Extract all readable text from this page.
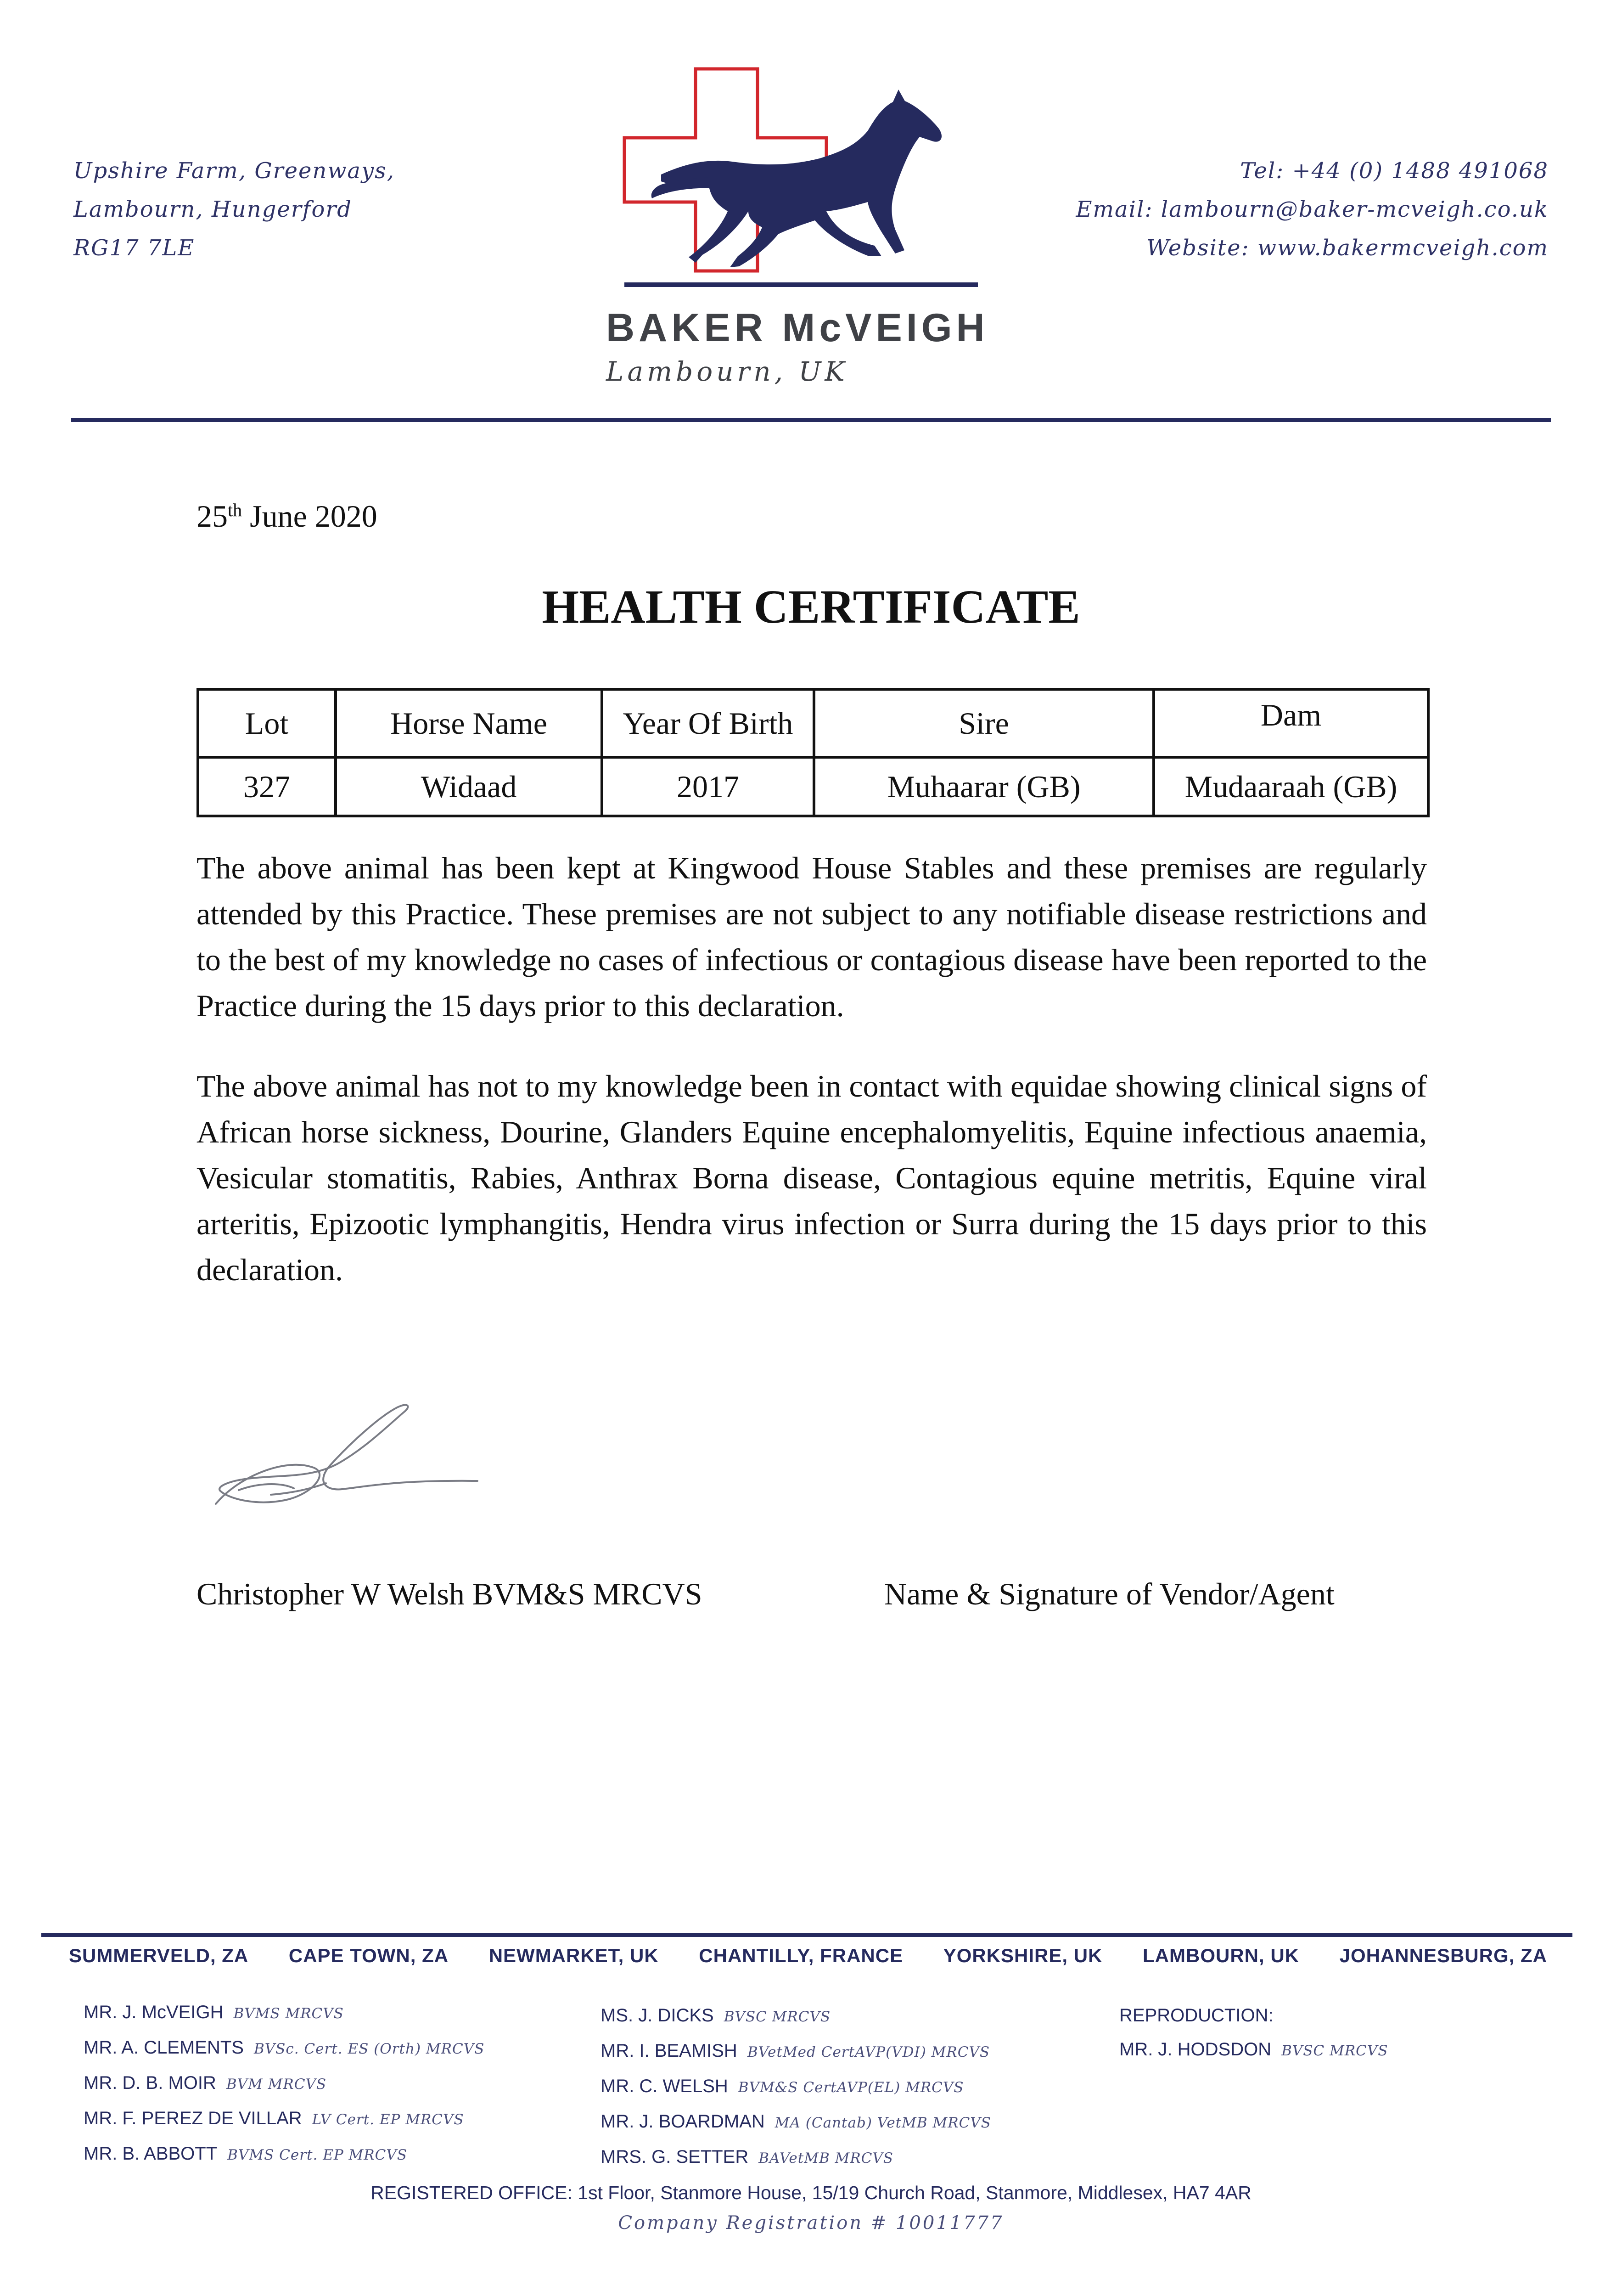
Upshire Farm, Greenways,
Lambourn, Hungerford
RG17 7LE
Tel: +44 (0) 1488 491068
Email: lambourn@baker-mcveigh.co.uk
Website: www.bakermcveigh.com
BAKER McVEIGH
Lambourn, UK
25th June 2020
HEALTH CERTIFICATE
Lot	Horse Name	Year Of Birth	Sire	Dam
327	Widaad	2017	Muhaarar (GB)	Mudaaraah (GB)
The above animal has been kept at Kingwood House Stables and these premises are regularly attended by this Practice. These premises are not subject to any notifiable disease restrictions and to the best of my knowledge no cases of infectious or contagious disease have been reported to the Practice during the 15 days prior to this declaration.
The above animal has not to my knowledge been in contact with equidae showing clinical signs of African horse sickness, Dourine, Glanders Equine encephalomyelitis, Equine infectious anaemia, Vesicular stomatitis, Rabies, Anthrax Borna disease, Contagious equine metritis, Equine viral arteritis, Epizootic lymphangitis, Hendra virus infection or Surra during the 15 days prior to this declaration.
Christopher W Welsh BVM&S MRCVS	Name & Signature of Vendor/Agent
SUMMERVELD, ZA CAPE TOWN, ZA NEWMARKET, UK CHANTILLY, FRANCE YORKSHIRE, UK LAMBOURN, UK JOHANNESBURG, ZA
MR. J. McVEIGH BVMS MRCVS
MR. A. CLEMENTS BVSc. Cert. ES (Orth) MRCVS
MR. D. B. MOIR BVM MRCVS
MR. F. PEREZ DE VILLAR LV Cert. EP MRCVS
MR. B. ABBOTT BVMS Cert. EP MRCVS
MS. J. DICKS BVSC MRCVS
MR. I. BEAMISH BVetMed CertAVP(VDI) MRCVS
MR. C. WELSH BVM&S CertAVP(EL) MRCVS
MR. J. BOARDMAN MA (Cantab) VetMB MRCVS
MRS. G. SETTER BAVetMB MRCVS
REPRODUCTION:
MR. J. HODSDON BVSC MRCVS
REGISTERED OFFICE: 1st Floor, Stanmore House, 15/19 Church Road, Stanmore, Middlesex, HA7 4AR
Company Registration # 10011777
